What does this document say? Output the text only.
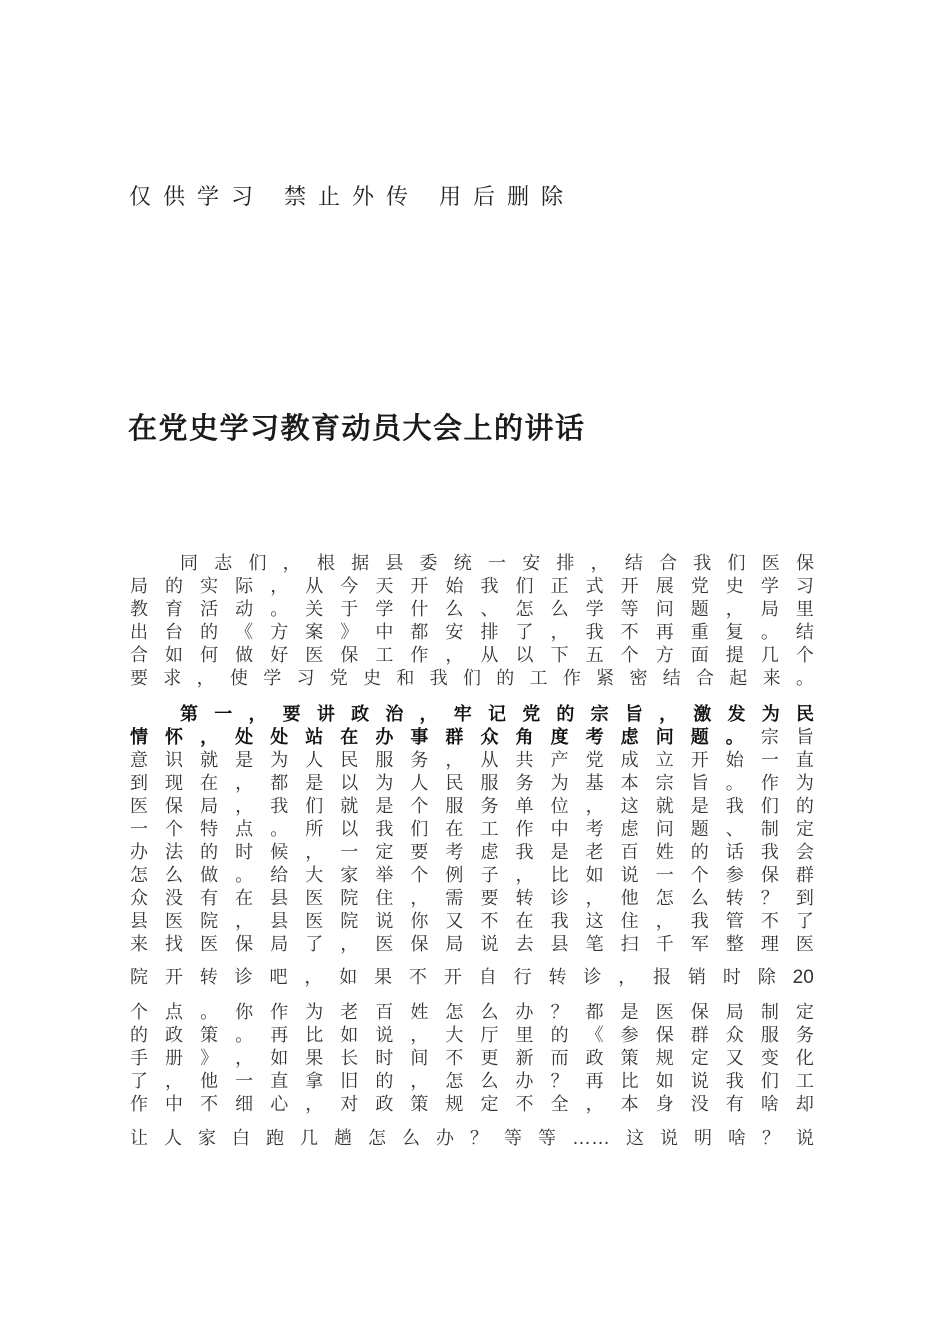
仅供学习 禁止外传 用后删除
在党史学习教育动员大会上的讲话
同 志 们 ， 根 据 县 委 统 一 安 排 ， 结 合 我 们 医 保
局 的 实 际 ， 从 今 天 开 始 我 们 正 式 开 展 党 史 学 习
教 育 活 动 。 关 于 学 什 么 、 怎 么 学 等 问 题 ， 局 里
出 台 的 《 方 案 》 中 都 安 排 了 ， 我 不 再 重 复 。 结
合 如 何 做 好 医 保 工 作 ， 从 以 下 五 个 方 面 提 几 个
要 求 ， 使 学 习 党 史 和 我 们 的 工 作 紧 密 结 合 起 来 。
第 一 ， 要 讲 政 治 ， 牢 记 党 的 宗 旨 ， 激 发 为 民
情 怀 ， 处 处 站 在 办 事 群 众 角 度 考 虑 问 题 。 宗 旨
意 识 就 是 为 人 民 服 务 ， 从 共 产 党 成 立 开 始 一 直
到 现 在 ， 都 是 以 为 人 民 服 务 为 基 本 宗 旨 。 作 为
医 保 局 ， 我 们 就 是 个 服 务 单 位 ， 这 就 是 我 们 的
一 个 特 点 。 所 以 我 们 在 工 作 中 考 虑 问 题 、 制 定
办 法 的 时 候 ， 一 定 要 考 虑 我 是 老 百 姓 的 话 我 会
怎 么 做 。 给 大 家 举 个 例 子 ， 比 如 说 一 个 参 保 群
众 没 有 在 县 医 院 住 ， 需 要 转 诊 ， 他 怎 么 转 ？ 到
县 医 院 ， 县 医 院 说 你 又 不 在 我 这 住 ， 我 管 不 了
来 找 医 保 局 了 ， 医 保 局 说 去 县 笔 扫 千 军 整 理 医
院 开 转 诊 吧 ， 如 果 不 开 自 行 转 诊 ， 报 销 时 除 20
个 点 。 你 作 为 老 百 姓 怎 么 办 ？ 都 是 医 保 局 制 定
的 政 策 。 再 比 如 说 ， 大 厅 里 的 《 参 保 群 众 服 务
手 册 》 ， 如 果 长 时 间 不 更 新 而 政 策 规 定 又 变 化
了 ， 他 一 直 拿 旧 的 ， 怎 么 办 ？ 再 比 如 说 我 们 工
作 中 不 细 心 ， 对 政 策 规 定 不 全 ， 本 身 没 有 啥 却
让 人 家 白 跑 几 趟 怎 么 办 ？ 等 等 …… 这 说 明 啥 ？ 说
